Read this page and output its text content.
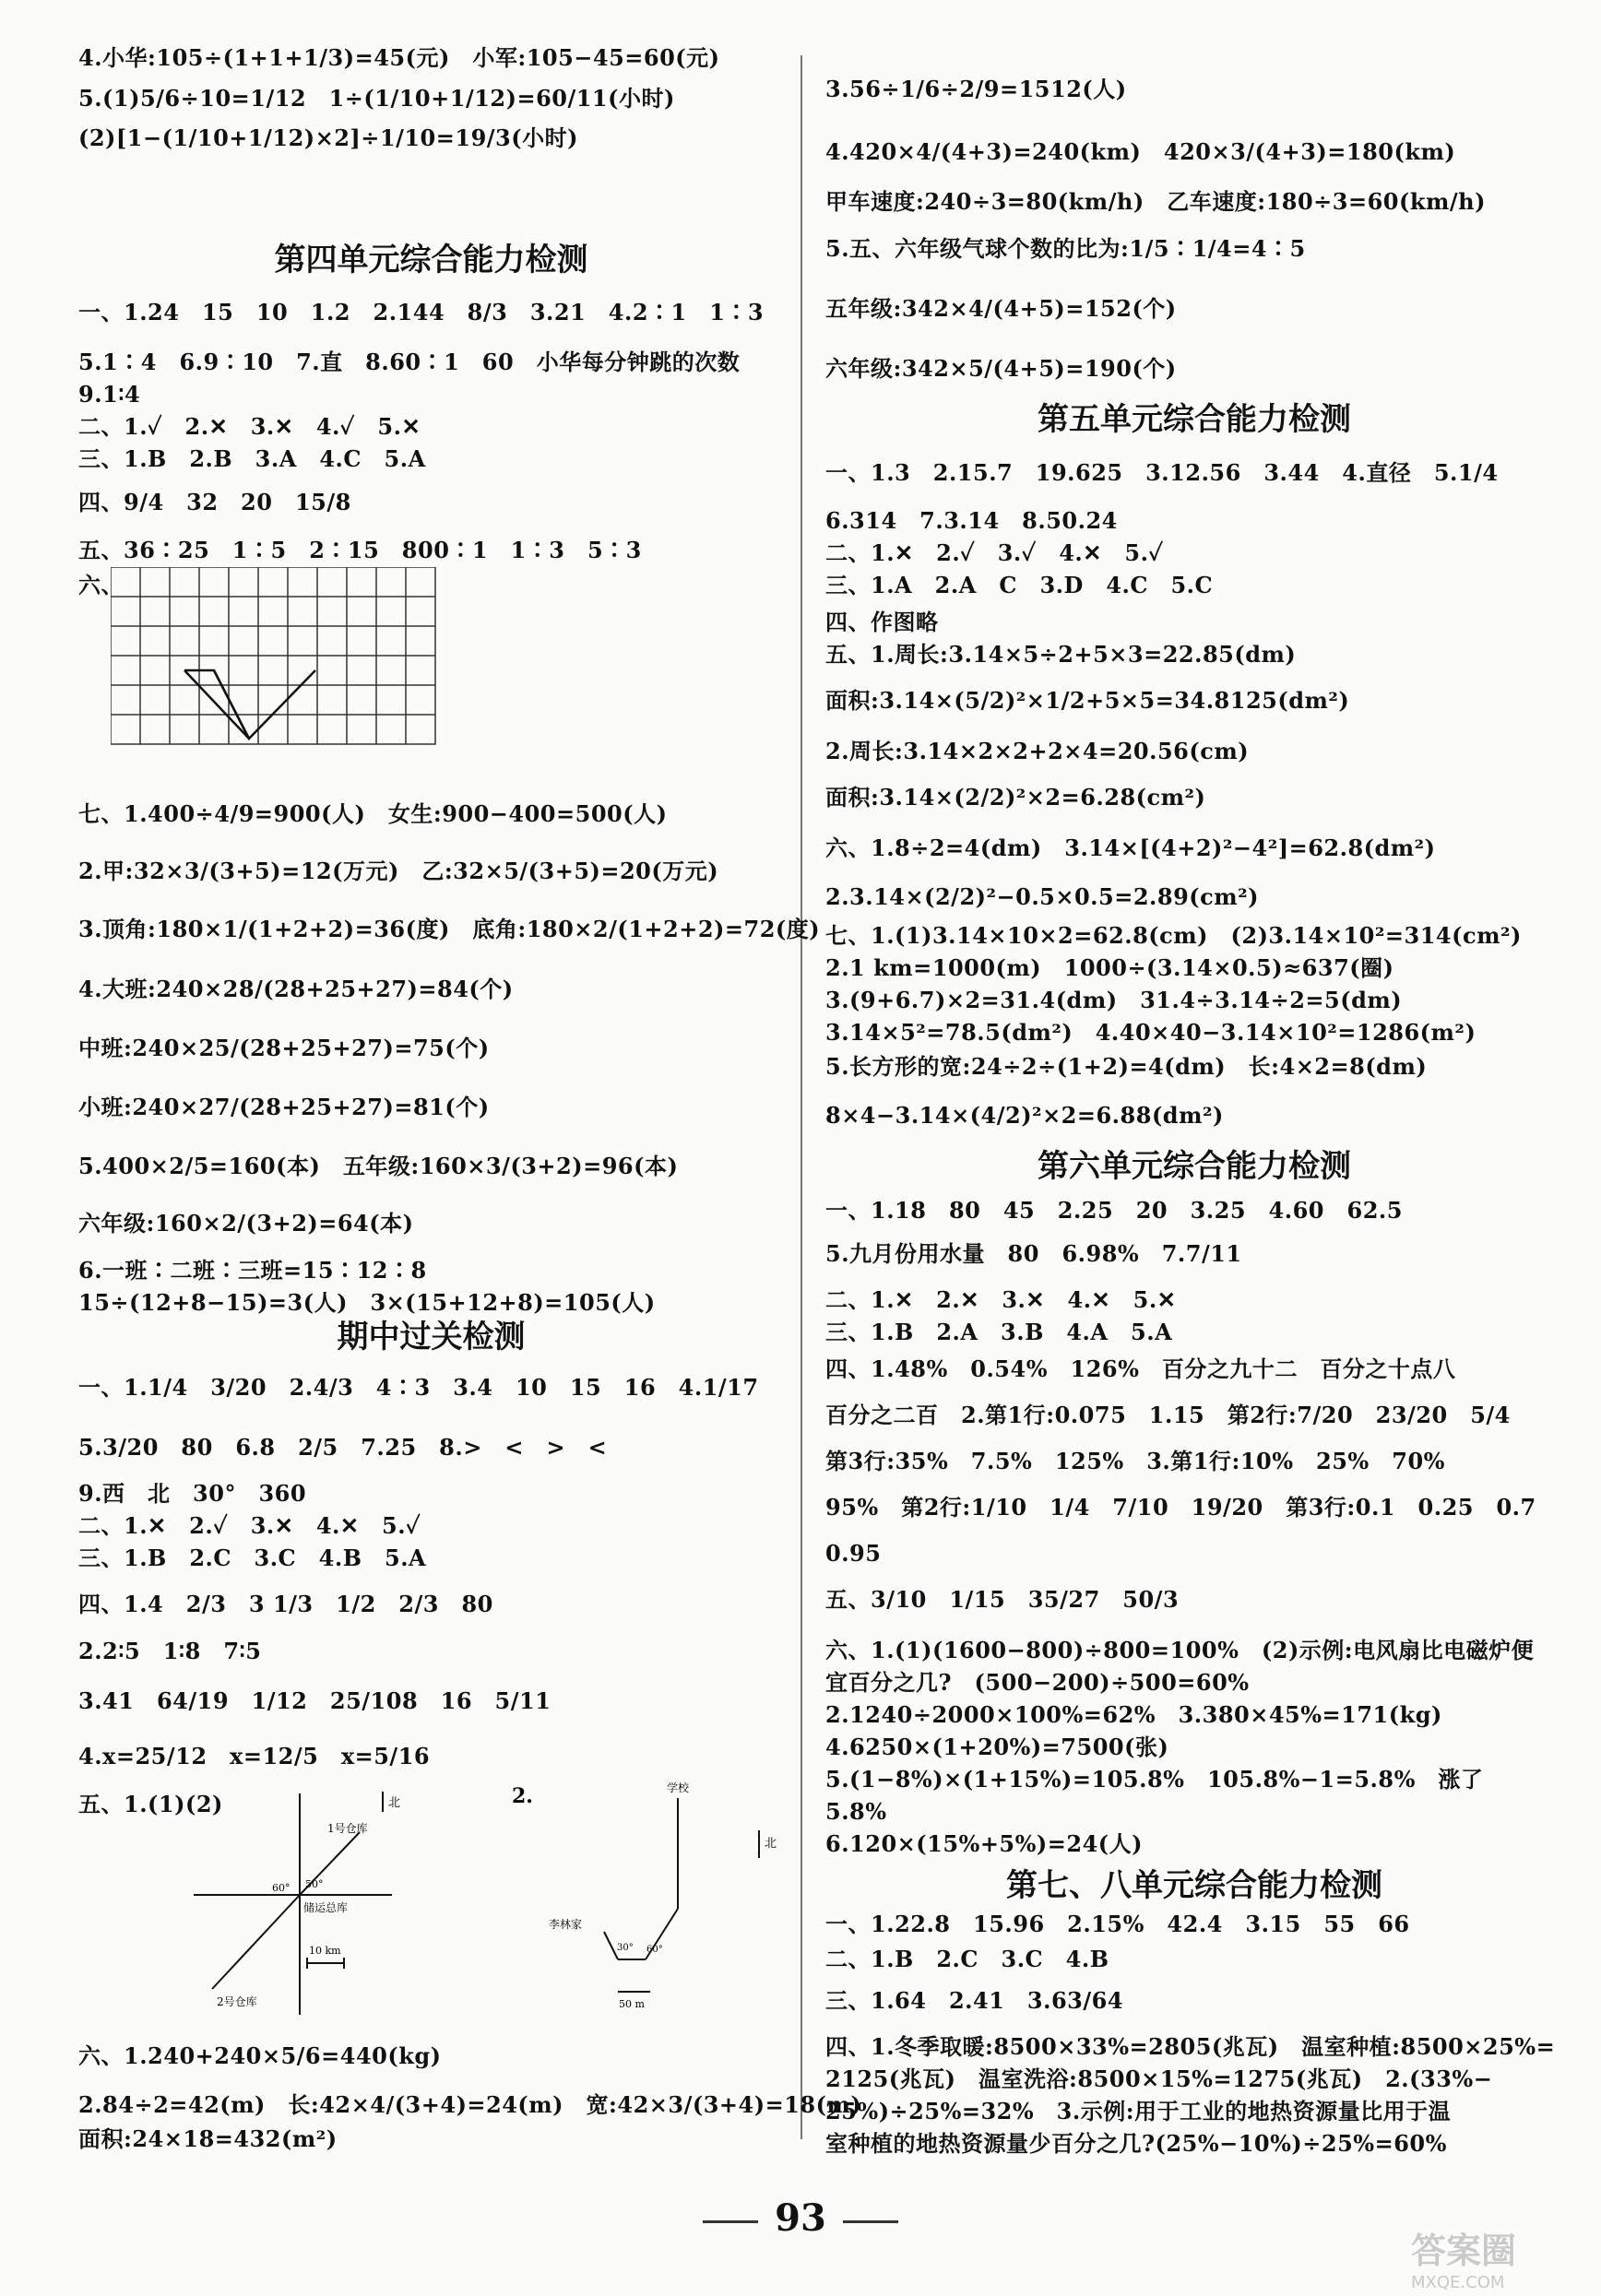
4.小华:105÷(1+1+1/3)=45(元)　小军:105−45=60(元)
5.(1)5/6÷10=1/12　1÷(1/10+1/12)=60/11(小时)
(2)[1−(1/10+1/12)×2]÷1/10=19/3(小时)
第四单元综合能力检测
一、1.24　15　10　1.2　2.144　8/3　3.21　4.2∶1　1∶3
5.1∶4　6.9∶10　7.直　8.60∶1　60　小华每分钟跳的次数
9.1∶4
二、1.✓　2.✕　3.✕　4.✓　5.✕
三、1.B　2.B　3.A　4.C　5.A
四、9/4　32　20　15/8
五、36∶25　1∶5　2∶15　800∶1　1∶3　5∶3
六、
七、1.400÷4/9=900(人)　女生:900−400=500(人)
2.甲:32×3/(3+5)=12(万元)　乙:32×5/(3+5)=20(万元)
3.顶角:180×1/(1+2+2)=36(度)　底角:180×2/(1+2+2)=72(度)
4.大班:240×28/(28+25+27)=84(个)
中班:240×25/(28+25+27)=75(个)
小班:240×27/(28+25+27)=81(个)
5.400×2/5=160(本)　五年级:160×3/(3+2)=96(本)
六年级:160×2/(3+2)=64(本)
6.一班∶二班∶三班=15∶12∶8
15÷(12+8−15)=3(人)　3×(15+12+8)=105(人)
期中过关检测
一、1.1/4　3/20　2.4/3　4∶3　3.4　10　15　16　4.1/17
5.3/20　80　6.8　2/5　7.25　8.>　<　>　<
9.西　北　30°　360
二、1.✕　2.✓　3.✕　4.✕　5.✓
三、1.B　2.C　3.C　4.B　5.A
四、1.4　2/3　3 1/3　1/2　2/3　80
2.2∶5　1∶8　7∶5
3.41　64/19　1/12　25/108　16　5/11
4.x=25/12　x=12/5　x=5/16
五、1.(1)(2)	北
1号仓库
50°
60°
储运总库
10 km
2号仓库
2.	学校
北
李林家
30° 60°
50 m
六、1.240+240×5/6=440(kg)
2.84÷2=42(m)　长:42×4/(3+4)=24(m)　宽:42×3/(3+4)=18(m)
面积:24×18=432(m²)
3.56÷1/6÷2/9=1512(人)
4.420×4/(4+3)=240(km)　420×3/(4+3)=180(km)
甲车速度:240÷3=80(km/h)　乙车速度:180÷3=60(km/h)
5.五、六年级气球个数的比为:1/5∶1/4=4∶5
五年级:342×4/(4+5)=152(个)
六年级:342×5/(4+5)=190(个)
第五单元综合能力检测
一、1.3　2.15.7　19.625　3.12.56　3.44　4.直径　5.1/4
6.314　7.3.14　8.50.24
二、1.✕　2.✓　3.✓　4.✕　5.✓
三、1.A　2.A　C　3.D　4.C　5.C
四、作图略
五、1.周长:3.14×5÷2+5×3=22.85(dm)
面积:3.14×(5/2)²×1/2+5×5=34.8125(dm²)
2.周长:3.14×2×2+2×4=20.56(cm)
面积:3.14×(2/2)²×2=6.28(cm²)
六、1.8÷2=4(dm)　3.14×[(4+2)²−4²]=62.8(dm²)
2.3.14×(2/2)²−0.5×0.5=2.89(cm²)
七、1.(1)3.14×10×2=62.8(cm)　(2)3.14×10²=314(cm²)
2.1 km=1000(m)　1000÷(3.14×0.5)≈637(圈)
3.(9+6.7)×2=31.4(dm)　31.4÷3.14÷2=5(dm)
3.14×5²=78.5(dm²)　4.40×40−3.14×10²=1286(m²)
5.长方形的宽:24÷2÷(1+2)=4(dm)　长:4×2=8(dm)
8×4−3.14×(4/2)²×2=6.88(dm²)
第六单元综合能力检测
一、1.18　80　45　2.25　20　3.25　4.60　62.5
5.九月份用水量　80　6.98%　7.7/11
二、1.✕　2.✕　3.✕　4.✕　5.✕
三、1.B　2.A　3.B　4.A　5.A
四、1.48%　0.54%　126%　百分之九十二　百分之十点八
百分之二百　2.第1行:0.075　1.15　第2行:7/20　23/20　5/4
第3行:35%　7.5%　125%　3.第1行:10%　25%　70%
95%　第2行:1/10　1/4　7/10　19/20　第3行:0.1　0.25　0.7
0.95
五、3/10　1/15　35/27　50/3
六、1.(1)(1600−800)÷800=100%　(2)示例:电风扇比电磁炉便
宜百分之几?　(500−200)÷500=60%
2.1240÷2000×100%=62%　3.380×45%=171(kg)
4.6250×(1+20%)=7500(张)
5.(1−8%)×(1+15%)=105.8%　105.8%−1=5.8%　涨了
5.8%
6.120×(15%+5%)=24(人)
第七、八单元综合能力检测
一、1.22.8　15.96　2.15%　42.4　3.15　55　66
二、1.B　2.C　3.C　4.B
三、1.64　2.41　3.63/64
四、1.冬季取暖:8500×33%=2805(兆瓦)　温室种植:8500×25%=
2125(兆瓦)　温室洗浴:8500×15%=1275(兆瓦)　2.(33%−
25%)÷25%=32%　3.示例:用于工业的地热资源量比用于温
室种植的地热资源量少百分之几?(25%−10%)÷25%=60%
93
答案圈
MXQE.COM
